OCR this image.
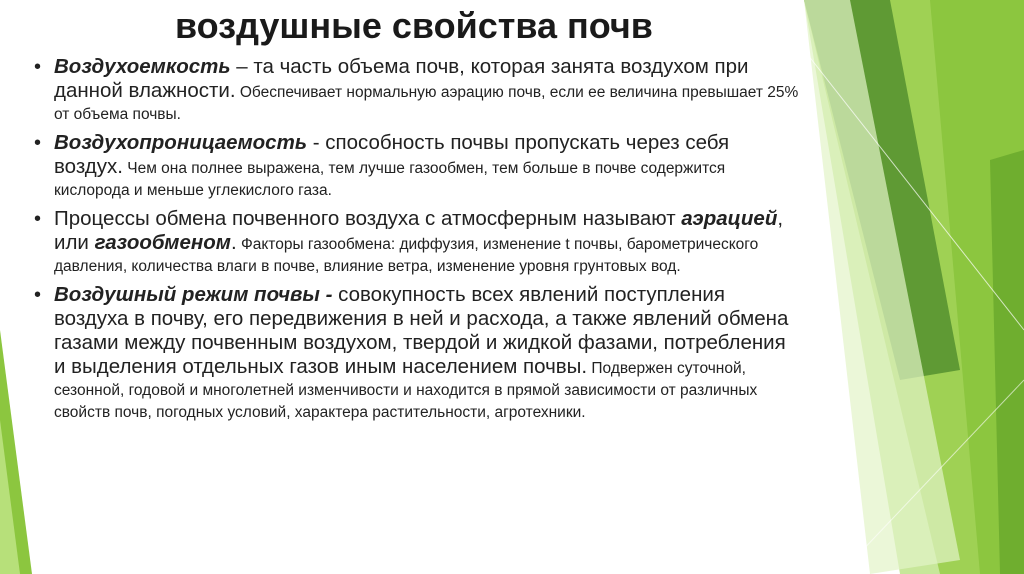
воздушные свойства почв

• Воздухоемкость – та часть объема почв, которая занята воздухом при данной влажности. Обеспечивает нормальную аэрацию почв, если ее величина превышает 25% от объема почвы.

• Воздухопроницаемость - способность почвы пропускать через себя воздух. Чем она полнее выражена, тем лучше газообмен, тем больше в почве содержится кислорода и меньше углекислого газа.

• Процессы обмена почвенного воздуха с атмосферным называют аэрацией, или газообменом. Факторы газообмена: диффузия, изменение t почвы, барометрического давления, количества влаги в почве, влияние ветра, изменение уровня грунтовых вод.

• Воздушный режим почвы - совокупность всех явлений поступления воздуха в почву, его передвижения в ней и расхода, а также явлений обмена газами между почвенным воздухом, твердой и жидкой фазами, потребления и выделения отдельных газов иным населением почвы. Подвержен суточной, сезонной, годовой и многолетней изменчивости и находится в прямой зависимости от различных свойств почв, погодных условий, характера растительности, агротехники.
